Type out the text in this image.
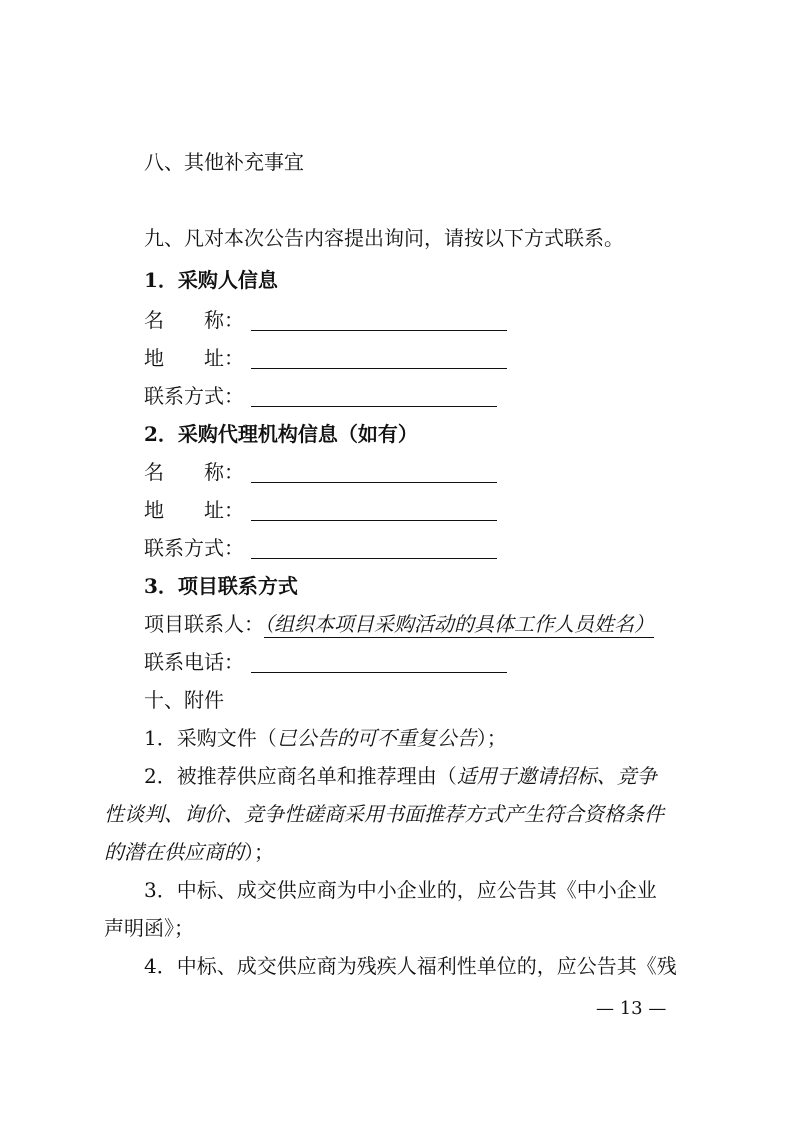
八、其他补充事宜
九、凡对本次公告内容提出询问，请按以下方式联系。
1．采购人信息
名　　称：
地　　址：
联系方式：
2．采购代理机构信息（如有）
名　　称：
地　　址：
联系方式：
3．项目联系方式
项目联系人：（组织本项目采购活动的具体工作人员姓名）
联系电话：
十、附件
1．采购文件（已公告的可不重复公告）；
2．被推荐供应商名单和推荐理由（适用于邀请招标、竞争
性谈判、询价、竞争性磋商采用书面推荐方式产生符合资格条件
的潜在供应商的）；
3．中标、成交供应商为中小企业的，应公告其《中小企业
声明函》；
4．中标、成交供应商为残疾人福利性单位的，应公告其《残
— 13 —
